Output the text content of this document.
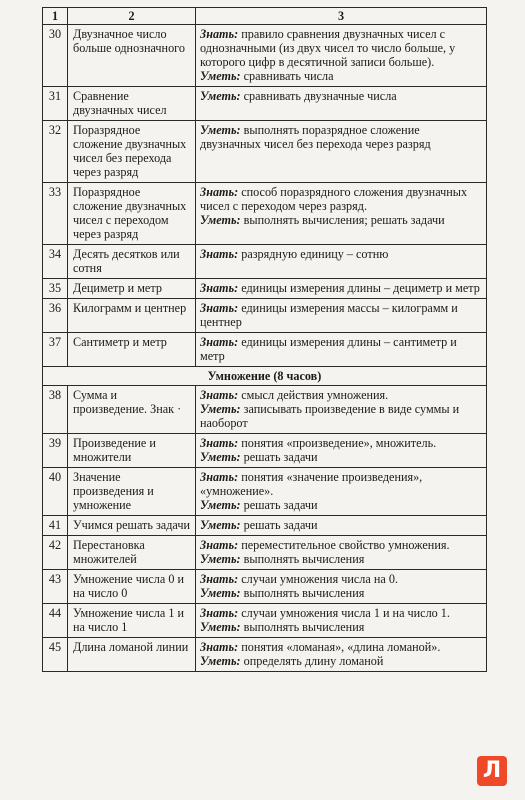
1	2	3
30	Двузначное число больше однозначного	Знать: правило сравнения двузначных чисел с однозначными (из двух чисел то число больше, у которого цифр в десятичной записи больше).
Уметь: сравнивать числа

31	Сравнение двузначных чисел	Уметь: сравнивать двузначные числа

32	Поразрядное сложение двузначных чисел без перехода через разряд	Уметь: выполнять поразрядное сложение двузначных чисел без перехода через разряд

33	Поразрядное сложение двузначных чисел с переходом через разряд	Знать: способ поразрядного сложения двузначных чисел с переходом через разряд.
Уметь: выполнять вычисления; решать задачи

34	Десять десятков или сотня	Знать: разрядную единицу – сотню

35	Дециметр и метр	Знать: единицы измерения длины – дециметр и метр

36	Килограмм и центнер	Знать: единицы измерения массы – килограмм и центнер

37	Сантиметр и метр	Знать: единицы измерения длины – сантиметр и метр

Умножение (8 часов)		
38	Сумма и произведение. Знак ·	Знать: смысл действия умножения.
Уметь: записывать произведение в виде суммы и наоборот

39	Произведение и множители	Знать: понятия «произведение», множитель.
Уметь: решать задачи

40	Значение произведения и умножение	Знать: понятия «значение произведения», «умножение».
Уметь: решать задачи

41	Учимся решать задачи	Уметь: решать задачи

42	Перестановка множителей	Знать: переместительное свойство умножения.
Уметь: выполнять вычисления

43	Умножение числа 0 и на число 0	Знать: случаи умножения числа на 0.
Уметь: выполнять вычисления

44	Умножение числа 1 и на число 1	Знать: случаи умножения числа 1 и на число 1.
Уметь: выполнять вычисления

45	Длина ломаной линии	Знать: понятия «ломаная», «длина ломаной».
Уметь: определять длину ломаной
Л
